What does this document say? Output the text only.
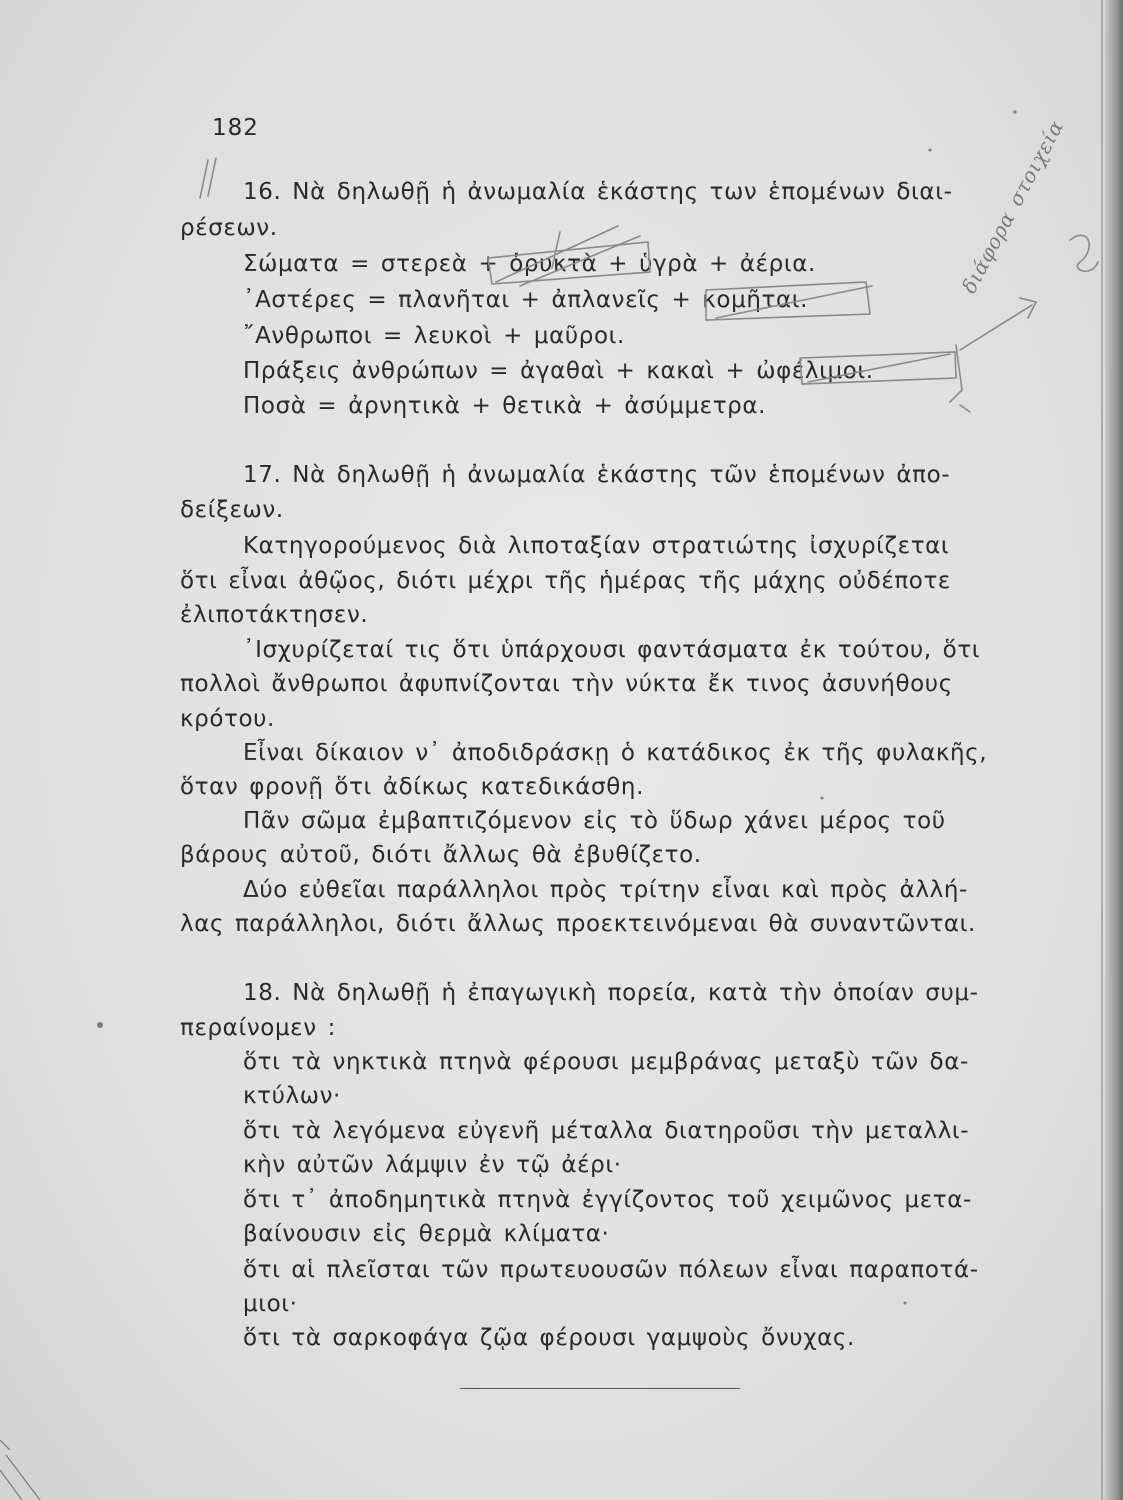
182
16. Νὰ δηλωθῇ ἡ ἀνωμαλία ἑκάστης των ἑπομένων διαι-
ρέσεων.
Σώματα = στερεὰ + ὀρυκτὰ + ὑγρὰ + ἀέρια.
᾿Αστέρες = πλανῆται + ἀπλανεῖς + κομῆται.
῎Ανθρωποι = λευκοὶ + μαῦροι.
Πράξεις ἀνθρώπων = ἀγαθαὶ + κακαὶ + ὠφέλιμοι.
Ποσὰ = ἀρνητικὰ + θετικὰ + ἀσύμμετρα.
17. Νὰ δηλωθῇ ἡ ἀνωμαλία ἑκάστης τῶν ἑπομένων ἀπο-
δείξεων.
Κατηγορούμενος διὰ λιποταξίαν στρατιώτης ἰσχυρίζεται
ὅτι εἶναι ἀθῷος, διότι μέχρι τῆς ἡμέρας τῆς μάχης οὐδέποτε
ἐλιποτάκτησεν.
᾿Ισχυρίζεταί τις ὅτι ὑπάρχουσι φαντάσματα ἐκ τούτου, ὅτι
πολλοὶ ἄνθρωποι ἀφυπνίζονται τὴν νύκτα ἔκ τινος ἀσυνήθους
κρότου.
Εἶναι δίκαιον ν᾿ ἀποδιδράσκῃ ὁ κατάδικος ἐκ τῆς φυλακῆς,
ὅταν φρονῇ ὅτι ἀδίκως κατεδικάσθη.
Πᾶν σῶμα ἐμβαπτιζόμενον εἰς τὸ ὕδωρ χάνει μέρος τοῦ
βάρους αὐτοῦ, διότι ἄλλως θὰ ἐβυθίζετο.
Δύο εὐθεῖαι παράλληλοι πρὸς τρίτην εἶναι καὶ πρὸς ἀλλή-
λας παράλληλοι, διότι ἄλλως προεκτεινόμεναι θὰ συναντῶνται.
18. Νὰ δηλωθῇ ἡ ἐπαγωγικὴ πορεία, κατὰ τὴν ὁποίαν συμ-
περαίνομεν :
ὅτι τὰ νηκτικὰ πτηνὰ φέρουσι μεμβράνας μεταξὺ τῶν δα-
κτύλων·
ὅτι τὰ λεγόμενα εὐγενῆ μέταλλα διατηροῦσι τὴν μεταλλι-
κὴν αὐτῶν λάμψιν ἐν τῷ ἀέρι·
ὅτι τ᾿ ἀποδημητικὰ πτηνὰ ἐγγίζοντος τοῦ χειμῶνος μετα-
βαίνουσιν εἰς θερμὰ κλίματα·
ὅτι αἱ πλεῖσται τῶν πρωτευουσῶν πόλεων εἶναι παραποτά-
μιοι·
ὅτι τὰ σαρκοφάγα ζῷα φέρουσι γαμψοὺς ὄνυχας.
διάφορα στοιχεία
